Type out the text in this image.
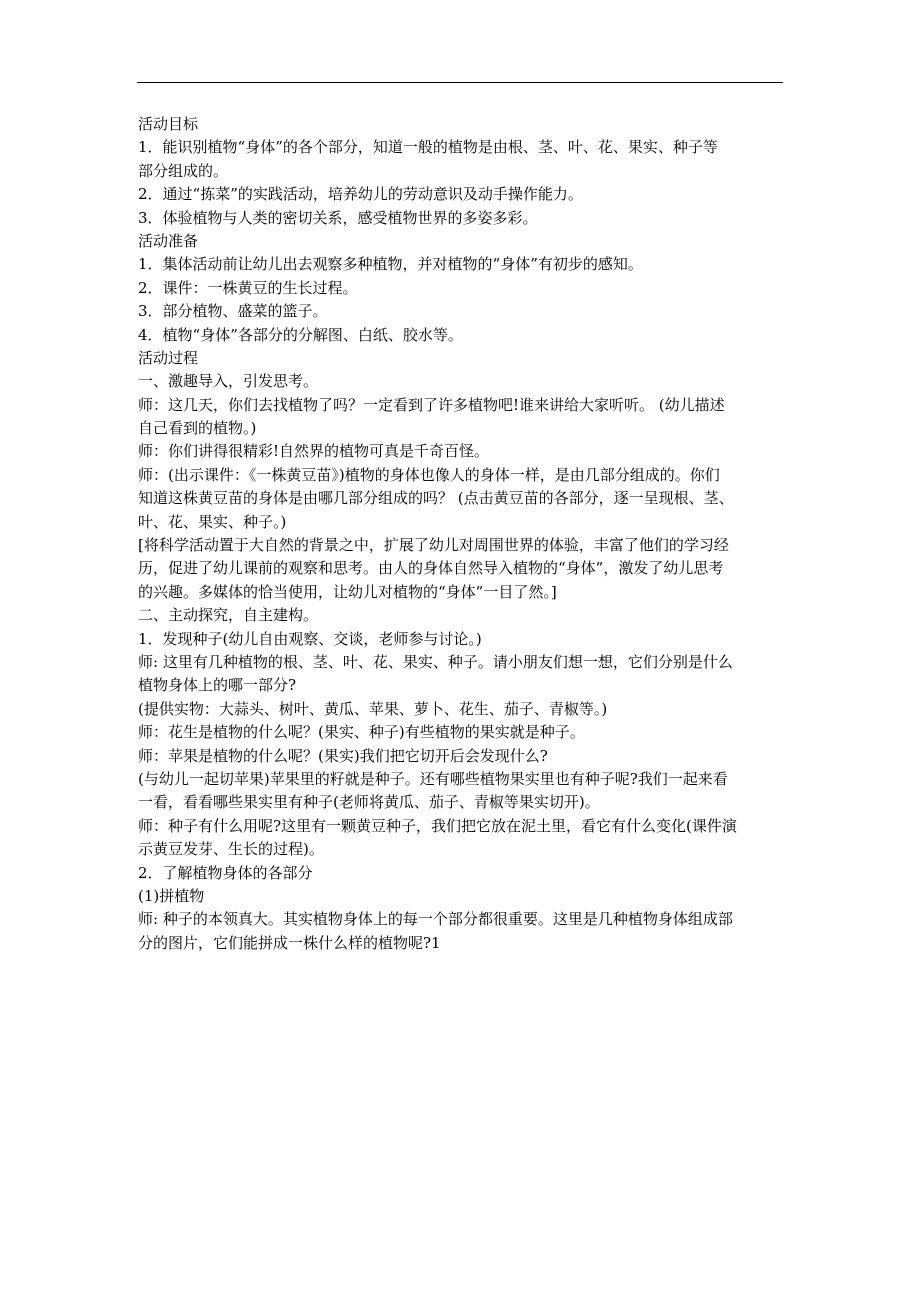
活动目标
1．能识别植物“身体”的各个部分，知道一般的植物是由根、茎、叶、花、果实、种子等
部分组成的。
2．通过“拣菜”的实践活动，培养幼儿的劳动意识及动手操作能力。
3．体验植物与人类的密切关系，感受植物世界的多姿多彩。
活动准备
1．集体活动前让幼儿出去观察多种植物，并对植物的“身体”有初步的感知。
2．课件：一株黄豆的生长过程。
3．部分植物、盛菜的篮子。
4．植物“身体”各部分的分解图、白纸、胶水等。
活动过程
一、激趣导入，引发思考。
师：这几天，你们去找植物了吗？一定看到了许多植物吧!谁来讲给大家听听。 (幼儿描述
自己看到的植物。)
师：你们讲得很精彩!自然界的植物可真是千奇百怪。
师：(出示课件：《一株黄豆苗》)植物的身体也像人的身体一样，是由几部分组成的。你们
知道这株黄豆苗的身体是由哪几部分组成的吗？ (点击黄豆苗的各部分，逐一呈现根、茎、
叶、花、果实、种子。)
[将科学活动置于大自然的背景之中，扩展了幼儿对周围世界的体验，丰富了他们的学习经
历，促进了幼儿课前的观察和思考。由人的身体自然导入植物的“身体”，激发了幼儿思考
的兴趣。多媒体的恰当使用，让幼儿对植物的“身体”一目了然。]
二、主动探究，自主建构。
1．发现种子(幼儿自由观察、交谈，老师参与讨论。)
师: 这里有几种植物的根、茎、叶、花、果实、种子。请小朋友们想一想，它们分别是什么
植物身体上的哪一部分?
(提供实物：大蒜头、树叶、黄瓜、苹果、萝卜、花生、茄子、青椒等。)
师：花生是植物的什么呢？(果实、种子)有些植物的果实就是种子。
师：苹果是植物的什么呢？(果实)我们把它切开后会发现什么?
(与幼儿一起切苹果)苹果里的籽就是种子。还有哪些植物果实里也有种子呢?我们一起来看
一看，看看哪些果实里有种子(老师将黄瓜、茄子、青椒等果实切开)。
师：种子有什么用呢?这里有一颗黄豆种子，我们把它放在泥土里，看它有什么变化(课件演
示黄豆发芽、生长的过程)。
2．了解植物身体的各部分
(1)拼植物
师: 种子的本领真大。其实植物身体上的每一个部分都很重要。这里是几种植物身体组成部
分的图片，它们能拼成一株什么样的植物呢?1
